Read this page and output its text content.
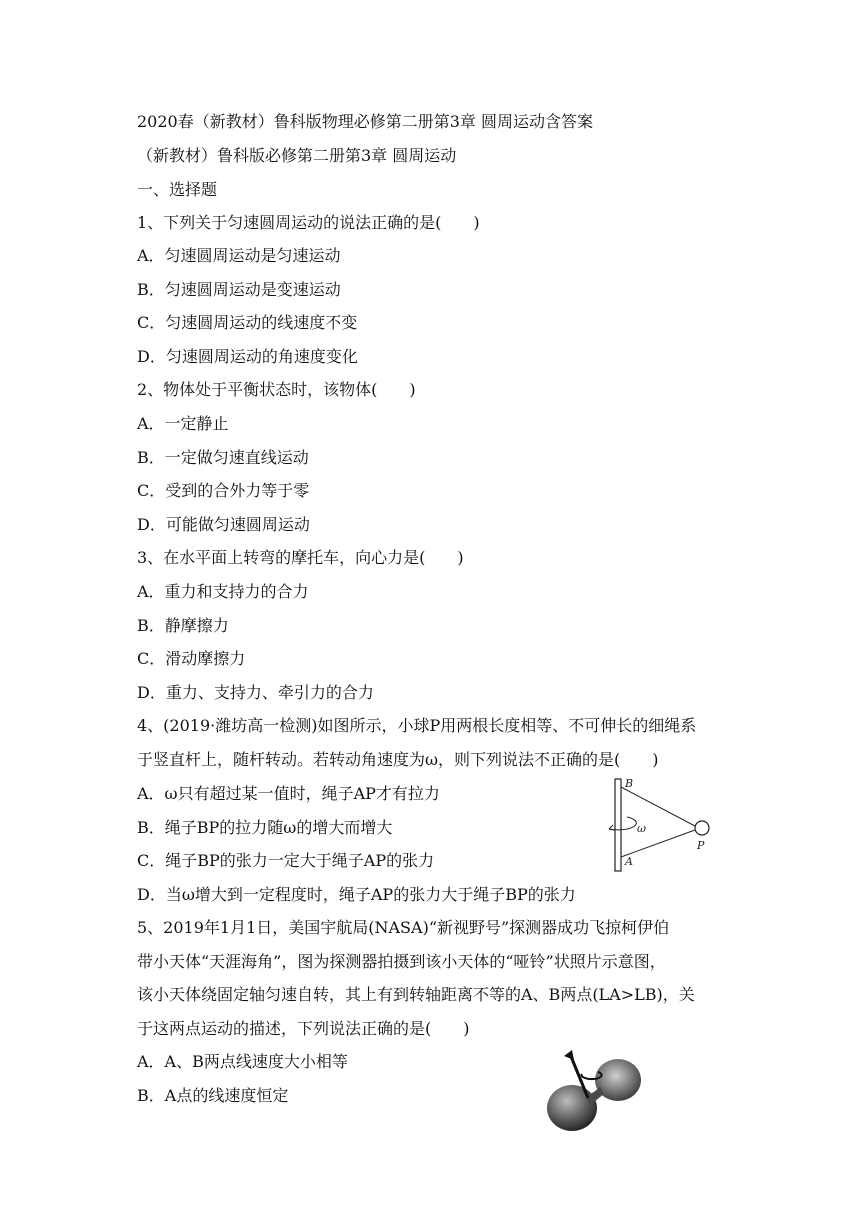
2020春（新教材）鲁科版物理必修第二册第3章 圆周运动含答案
（新教材）鲁科版必修第二册第3章 圆周运动
一、选择题
1、下列关于匀速圆周运动的说法正确的是(　　)
A．匀速圆周运动是匀速运动
B．匀速圆周运动是变速运动
C．匀速圆周运动的线速度不变
D．匀速圆周运动的角速度变化
2、物体处于平衡状态时，该物体(　　)
A．一定静止
B．一定做匀速直线运动
C．受到的合外力等于零
D．可能做匀速圆周运动
3、在水平面上转弯的摩托车，向心力是(　　)
A．重力和支持力的合力
B．静摩擦力
C．滑动摩擦力
D．重力、支持力、牵引力的合力
4、(2019·潍坊高一检测)如图所示，小球P用两根长度相等、不可伸长的细绳系
于竖直杆上，随杆转动。若转动角速度为ω，则下列说法不正确的是(　　)
A．ω只有超过某一值时，绳子AP才有拉力
B．绳子BP的拉力随ω的增大而增大
C．绳子BP的张力一定大于绳子AP的张力
D．当ω增大到一定程度时，绳子AP的张力大于绳子BP的张力
5、2019年1月1日，美国宇航局(NASA)“新视野号”探测器成功飞掠柯伊伯
带小天体“天涯海角”，图为探测器拍摄到该小天体的“哑铃”状照片示意图，
该小天体绕固定轴匀速自转，其上有到转轴距离不等的A、B两点(LA>LB)，关
于这两点运动的描述，下列说法正确的是(　　)
A．A、B两点线速度大小相等
B．A点的线速度恒定
B
A
P
ω
